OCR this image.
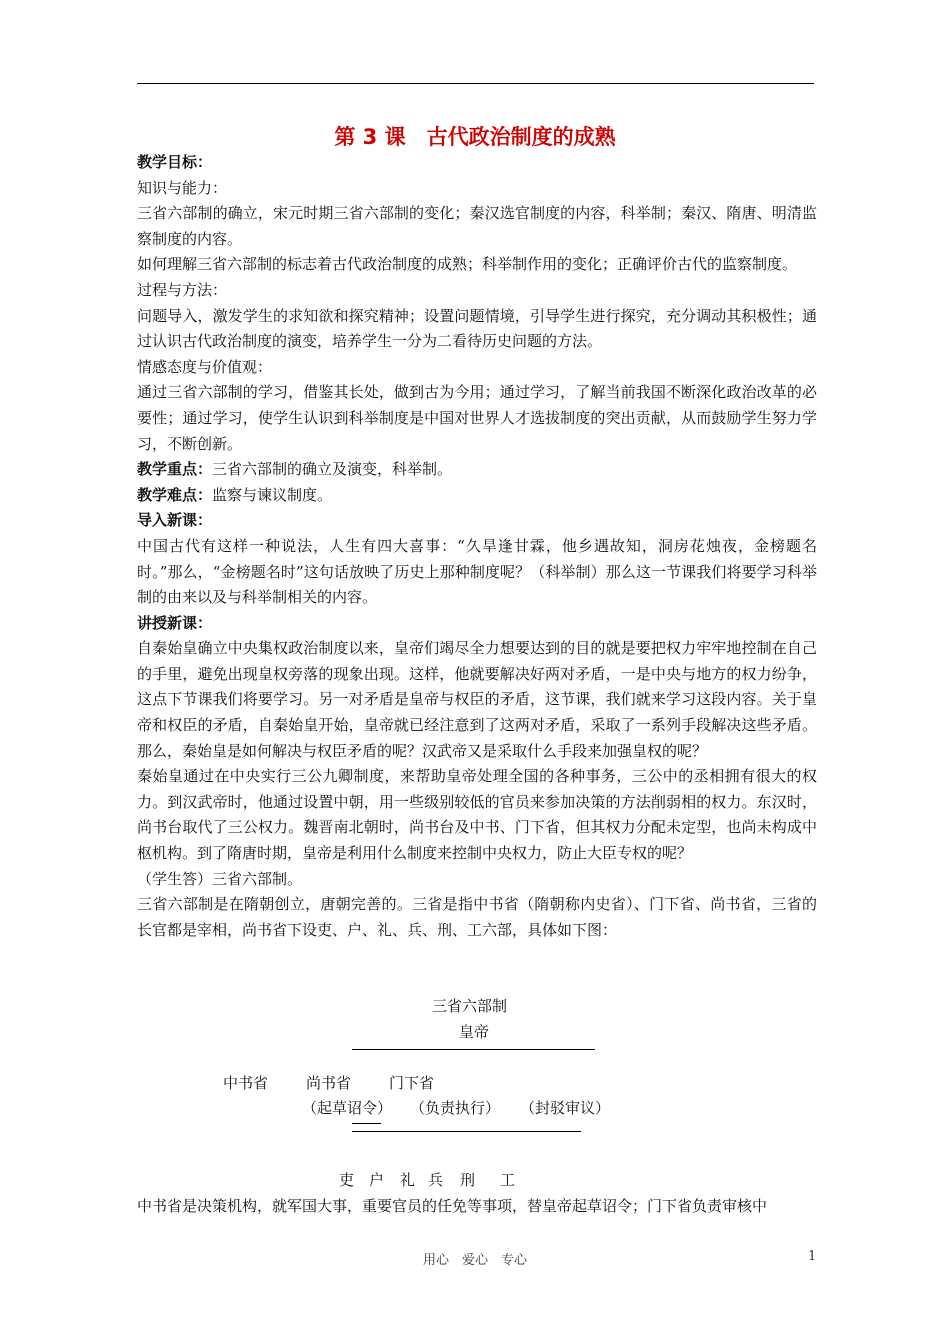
第 3 课　古代政治制度的成熟

教学目标：

知识与能力：

三省六部制的确立，宋元时期三省六部制的变化；秦汉选官制度的内容，科举制；秦汉、隋唐、明清监察制度的内容。

如何理解三省六部制的标志着古代政治制度的成熟；科举制作用的变化；正确评价古代的监察制度。

过程与方法：

问题导入，激发学生的求知欲和探究精神；设置问题情境，引导学生进行探究，充分调动其积极性；通过认识古代政治制度的演变，培养学生一分为二看待历史问题的方法。

情感态度与价值观：

通过三省六部制的学习，借鉴其长处，做到古为今用；通过学习，了解当前我国不断深化政治改革的必要性；通过学习，使学生认识到科举制度是中国对世界人才选拔制度的突出贡献，从而鼓励学生努力学习，不断创新。

教学重点：三省六部制的确立及演变，科举制。

教学难点：监察与谏议制度。

导入新课：

中国古代有这样一种说法，人生有四大喜事：“久旱逢甘霖，他乡遇故知，洞房花烛夜，金榜题名时。”那么，“金榜题名时”这句话放映了历史上那种制度呢？（科举制）那么这一节课我们将要学习科举制的由来以及与科举制相关的内容。

讲授新课：

自秦始皇确立中央集权政治制度以来，皇帝们竭尽全力想要达到的目的就是要把权力牢牢地控制在自己的手里，避免出现皇权旁落的现象出现。这样，他就要解决好两对矛盾，一是中央与地方的权力纷争，这点下节课我们将要学习。另一对矛盾是皇帝与权臣的矛盾，这节课，我们就来学习这段内容。关于皇帝和权臣的矛盾，自秦始皇开始，皇帝就已经注意到了这两对矛盾，采取了一系列手段解决这些矛盾。那么，秦始皇是如何解决与权臣矛盾的呢？汉武帝又是采取什么手段来加强皇权的呢？

秦始皇通过在中央实行三公九卿制度，来帮助皇帝处理全国的各种事务，三公中的丞相拥有很大的权力。到汉武帝时，他通过设置中朝，用一些级别较低的官员来参加决策的方法削弱相的权力。东汉时，尚书台取代了三公权力。魏晋南北朝时，尚书台及中书、门下省，但其权力分配未定型，也尚未构成中枢机构。到了隋唐时期，皇帝是利用什么制度来控制中央权力，防止大臣专权的呢？

（学生答）三省六部制。

三省六部制是在隋朝创立，唐朝完善的。三省是指中书省（隋朝称内史省）、门下省、尚书省，三省的长官都是宰相，尚书省下设吏、户、礼、兵、刑、工六部，具体如下图：

三省六部制
皇帝
中书省	尚书省	门下省
（起草诏令） （负责执行） （封驳审议）
吏 户 礼 兵 刑 工
中书省是决策机构，就军国大事，重要官员的任免等事项，替皇帝起草诏令；门下省负责审核中
用心　爱心　专心	1
